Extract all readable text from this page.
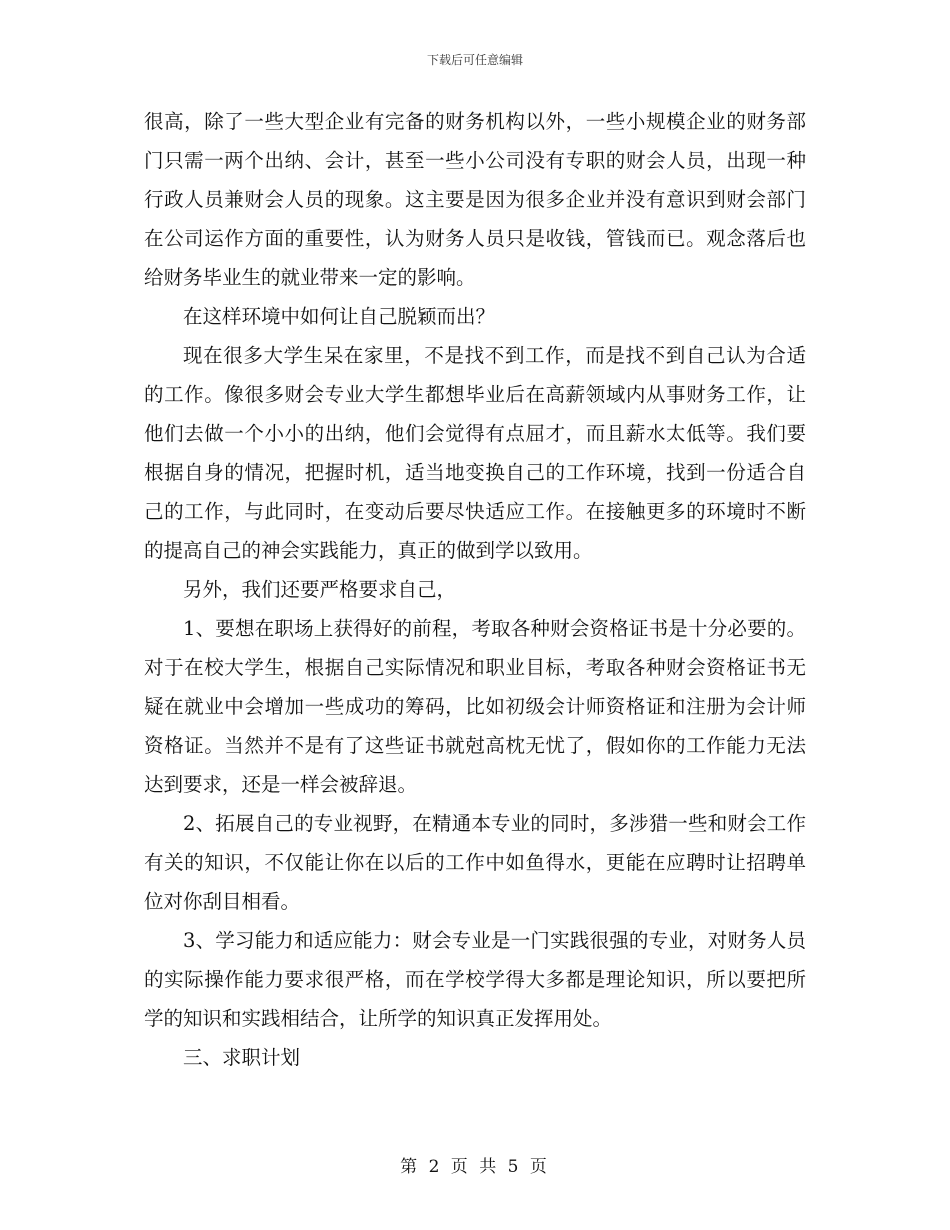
下载后可任意编辑

很高，除了一些大型企业有完备的财务机构以外，一些小规模企业的财务部门只需一两个出纳、会计，甚至一些小公司没有专职的财会人员，出现一种行政人员兼财会人员的现象。这主要是因为很多企业并没有意识到财会部门在公司运作方面的重要性，认为财务人员只是收钱，管钱而已。观念落后也给财务毕业生的就业带来一定的影响。

在这样环境中如何让自己脱颖而出？

现在很多大学生呆在家里，不是找不到工作，而是找不到自己认为合适的工作。像很多财会专业大学生都想毕业后在高薪领域内从事财务工作，让他们去做一个小小的出纳，他们会觉得有点屈才，而且薪水太低等。我们要根据自身的情况，把握时机，适当地变换自己的工作环境，找到一份适合自己的工作，与此同时，在变动后要尽快适应工作。在接触更多的环境时不断的提高自己的神会实践能力，真正的做到学以致用。

另外，我们还要严格要求自己，

1、要想在职场上获得好的前程，考取各种财会资格证书是十分必要的。对于在校大学生，根据自己实际情况和职业目标，考取各种财会资格证书无疑在就业中会增加一些成功的筹码，比如初级会计师资格证和注册为会计师资格证。当然并不是有了这些证书就尅高枕无忧了，假如你的工作能力无法达到要求，还是一样会被辞退。

2、拓展自己的专业视野，在精通本专业的同时，多涉猎一些和财会工作有关的知识，不仅能让你在以后的工作中如鱼得水，更能在应聘时让招聘单位对你刮目相看。

3、学习能力和适应能力：财会专业是一门实践很强的专业，对财务人员的实际操作能力要求很严格，而在学校学得大多都是理论知识，所以要把所学的知识和实践相结合，让所学的知识真正发挥用处。

三、求职计划

第 2 页 共 5 页
